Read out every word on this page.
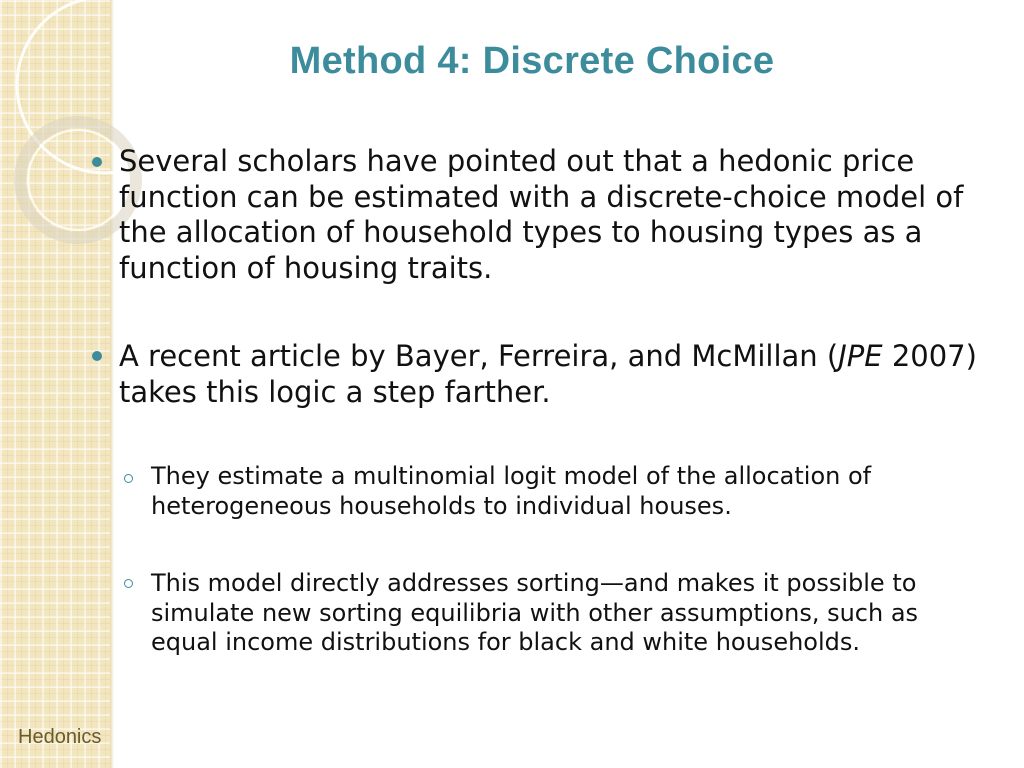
Method 4: Discrete Choice
Several scholars have pointed out that a hedonic price function can be estimated with a discrete-choice model of the allocation of household types to housing types as a function of housing traits.
A recent article by Bayer, Ferreira, and McMillan (JPE 2007) takes this logic a step farther.
They estimate a multinomial logit model of the allocation of heterogeneous households to individual houses.
This model directly addresses sorting—and makes it possible to simulate new sorting equilibria with other assumptions, such as equal income distributions for black and white households.
Hedonics
